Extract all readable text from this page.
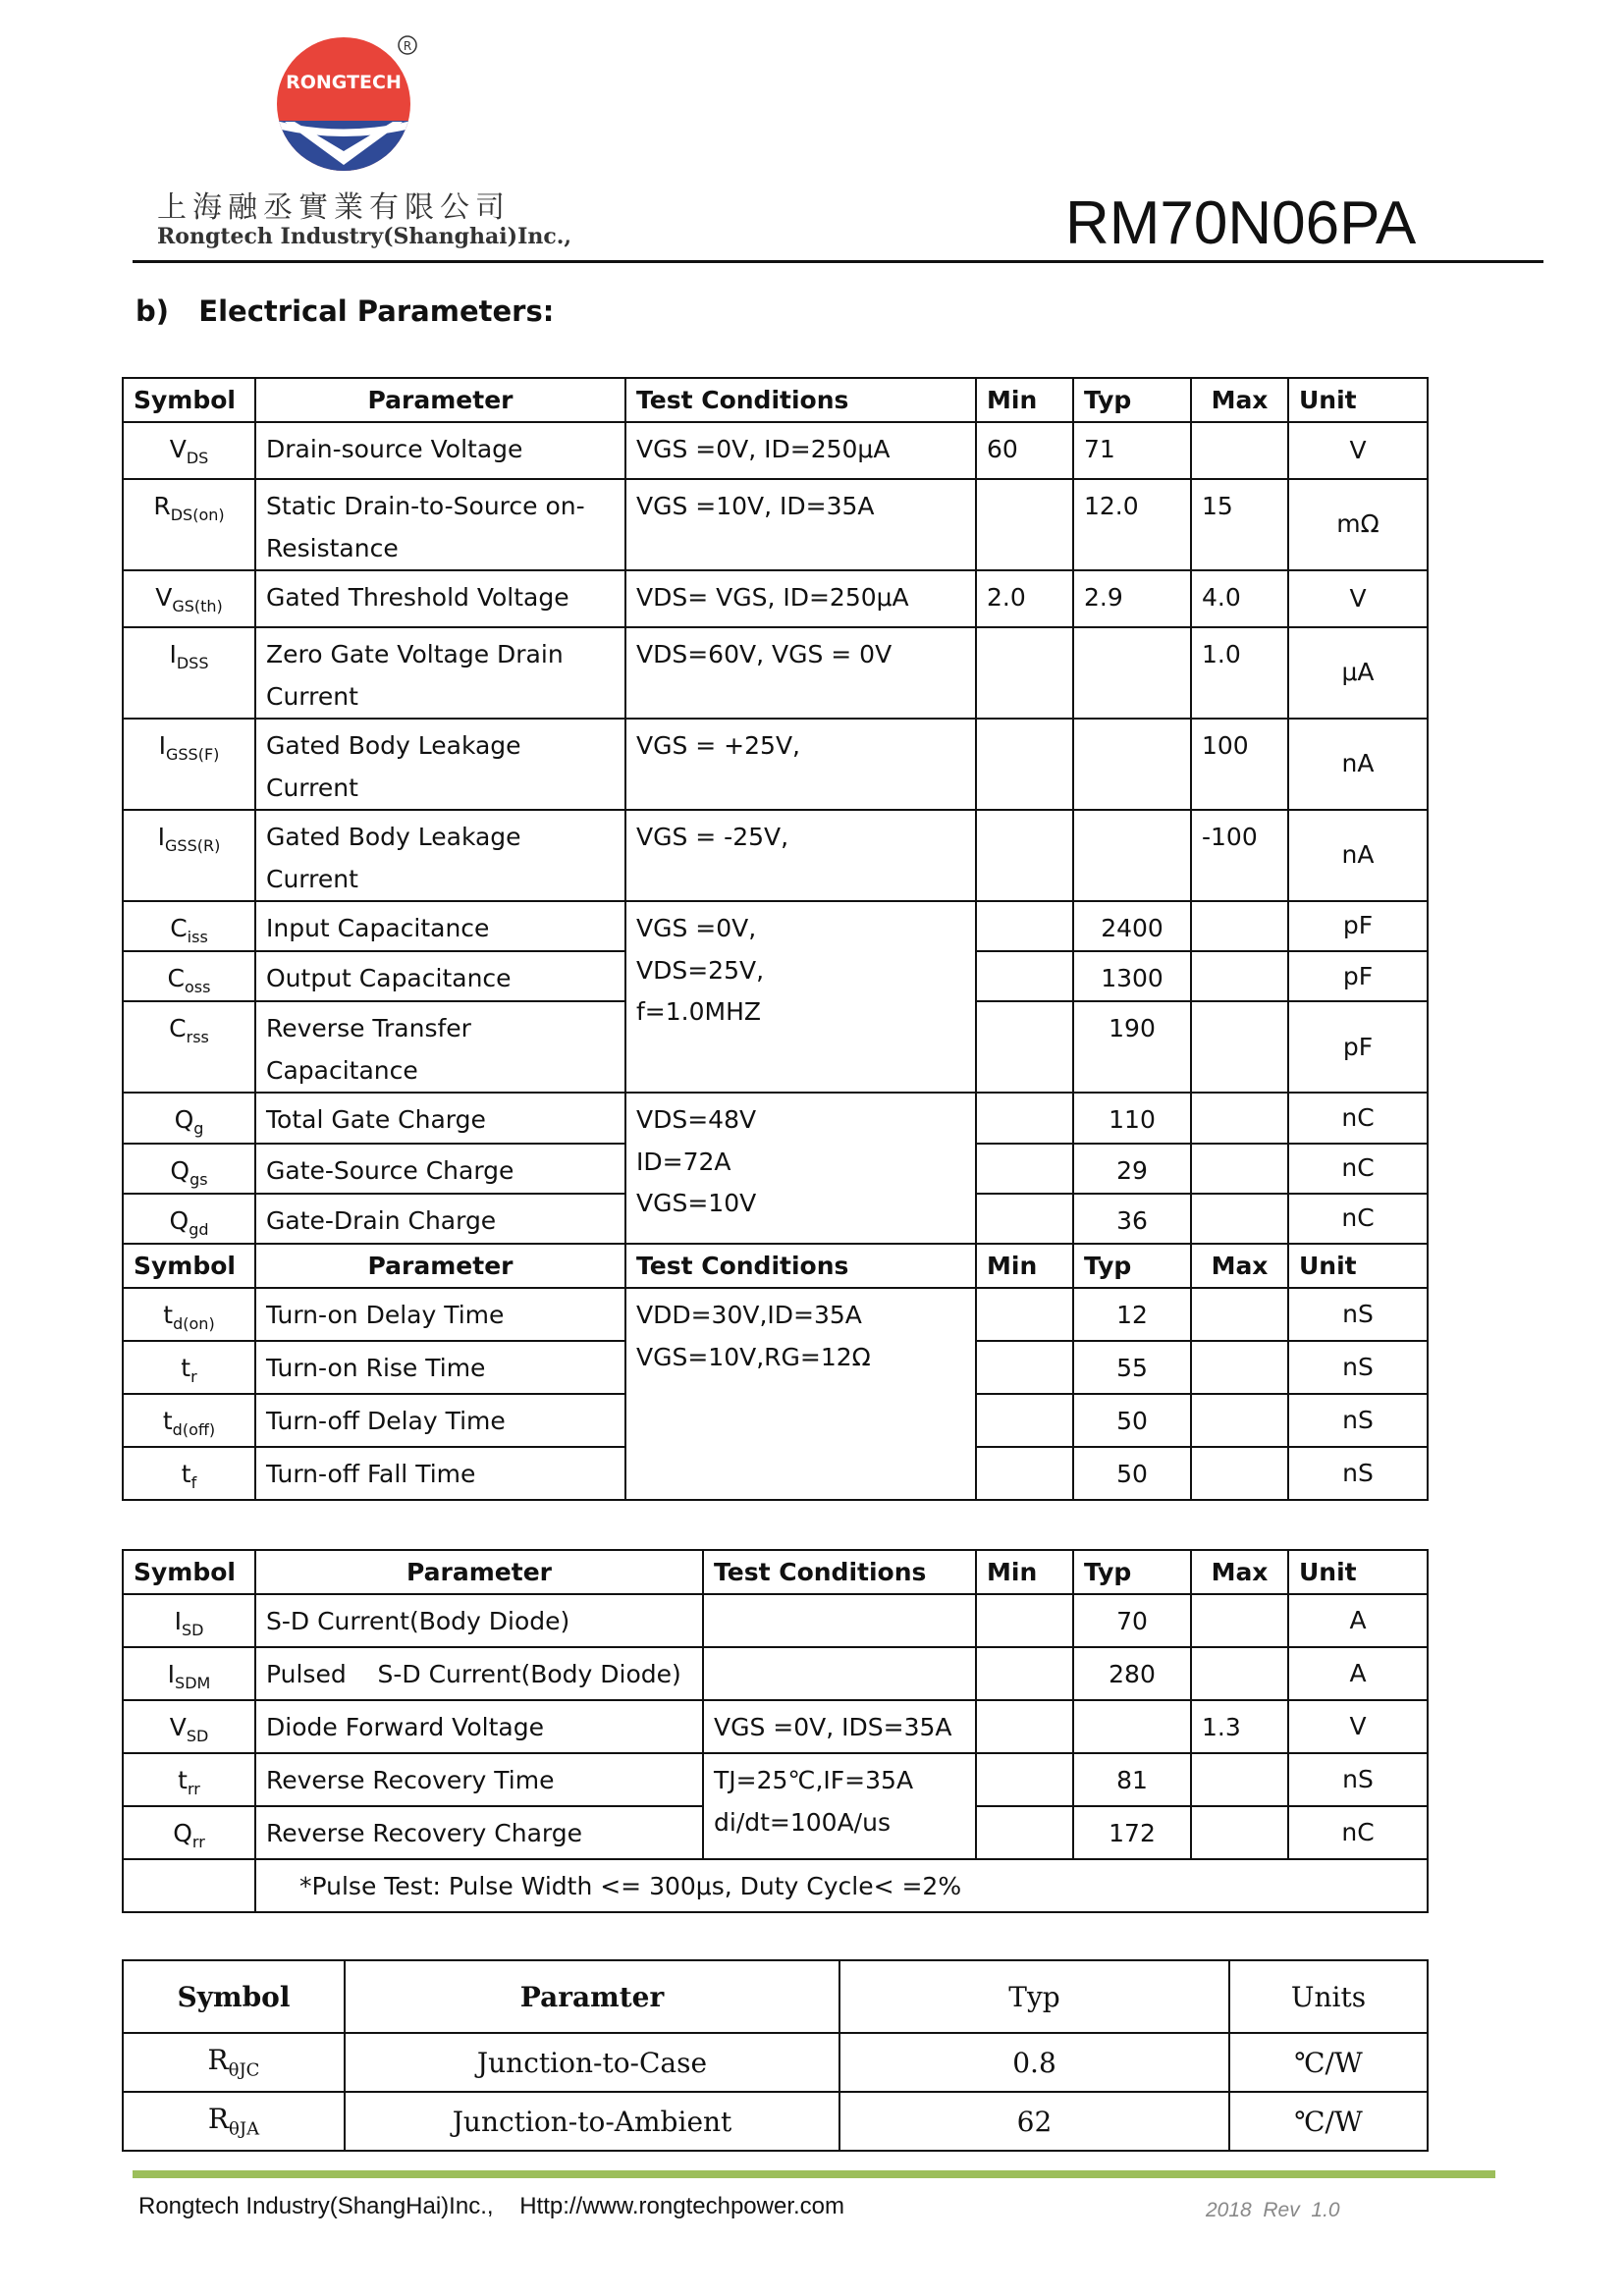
RONGTECH
R
上海融丞實業有限公司
Rongtech Industry(Shanghai)Inc.,	RM70N06PA
b)   Electrical Parameters:
Symbol	Parameter	Test Conditions	Min	Typ	Max	Unit
$V_{DS}$	Drain-source Voltage	VGS =0V, ID=250μA	60	71		V
$R_{DS(on)}$	Static Drain-to-Source on-Resistance	VGS =10V, ID=35A		12.0	15	mΩ
$V_{GS(th)}$	Gated Threshold Voltage	VDS= VGS, ID=250μA	2.0	2.9	4.0	V
$I_{DSS}$	Zero Gate Voltage Drain Current	VDS=60V, VGS = 0V			1.0	μA
$I_{GSS(F)}$	Gated Body Leakage Current	VGS = +25V,			100	nA
$I_{GSS(R)}$	Gated Body Leakage Current	VGS = -25V,			-100	nA
$C_{iss}$	Input Capacitance	VGS =0V,
VDS=25V,
f=1.0MHZ		2400		pF
$C_{oss}$	Output Capacitance			1300		pF
$C_{rss}$	Reverse Transfer Capacitance			190		pF
$Q_g$	Total Gate Charge	VDS=48V
ID=72A
VGS=10V		110		nC
$Q_{gs}$	Gate-Source Charge			29		nC
$Q_{gd}$	Gate-Drain Charge			36		nC
Symbol	Parameter	Test Conditions	Min	Typ	Max	Unit
$t_{d(on)}$	Turn-on Delay Time	VDD=30V,ID=35A
VGS=10V,RG=12Ω		12		nS
$t_r$	Turn-on Rise Time			55		nS
$t_{d(off)}$	Turn-off Delay Time			50		nS
$t_f$	Turn-off Fall Time			50		nS
Symbol	Parameter	Test Conditions	Min	Typ	Max	Unit
$I_{SD}$	S-D Current(Body Diode)			70		A
$I_{SDM}$	Pulsed    S-D Current(Body Diode)			280		A
$V_{SD}$	Diode Forward Voltage	VGS =0V, IDS=35A			1.3	V
$t_{rr}$	Reverse Recovery Time	TJ=25℃,IF=35A
di/dt=100A/us		81		nS
$Q_{rr}$	Reverse Recovery Charge			172		nC
	*Pulse Test: Pulse Width <= 300μs, Duty Cycle< =2%					
Symbol	Paramter	Typ	Units
$R_{\theta JC}$	Junction-to-Case	0.8	℃/W
$R_{\theta JA}$	Junction-to-Ambient	62	℃/W
Rongtech Industry(ShangHai)Inc.,    Http://www.rongtechpower.com	2018  Rev  1.0
